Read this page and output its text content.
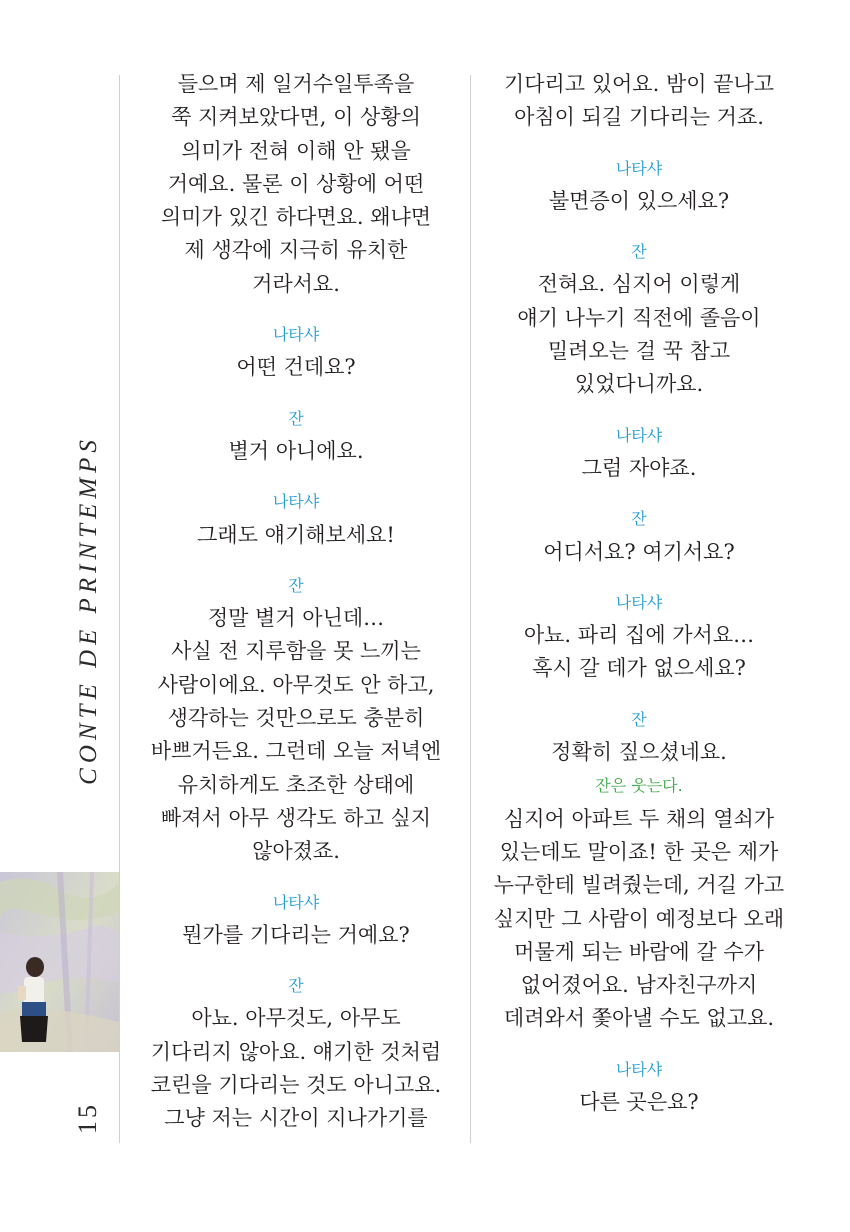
CONTE DE PRINTEMPS
15
들으며 제 일거수일투족을
쭉 지켜보았다면, 이 상황의
의미가 전혀 이해 안 됐을
거예요. 물론 이 상황에 어떤
의미가 있긴 하다면요. 왜냐면
제 생각에 지극히 유치한
거라서요.
나타샤
어떤 건데요?
잔
별거 아니에요.
나타샤
그래도 얘기해보세요!
잔
정말 별거 아닌데…
사실 전 지루함을 못 느끼는
사람이에요. 아무것도 안 하고,
생각하는 것만으로도 충분히
바쁘거든요. 그런데 오늘 저녁엔
유치하게도 초조한 상태에
빠져서 아무 생각도 하고 싶지
않아졌죠.
나타샤
뭔가를 기다리는 거예요?
잔
아뇨. 아무것도, 아무도
기다리지 않아요. 얘기한 것처럼
코린을 기다리는 것도 아니고요.
그냥 저는 시간이 지나가기를
기다리고 있어요. 밤이 끝나고
아침이 되길 기다리는 거죠.
나타샤
불면증이 있으세요?
잔
전혀요. 심지어 이렇게
얘기 나누기 직전에 졸음이
밀려오는 걸 꾹 참고
있었다니까요.
나타샤
그럼 자야죠.
잔
어디서요? 여기서요?
나타샤
아뇨. 파리 집에 가서요…
혹시 갈 데가 없으세요?
잔
정확히 짚으셨네요.
잔은 웃는다.
심지어 아파트 두 채의 열쇠가
있는데도 말이죠! 한 곳은 제가
누구한테 빌려줬는데, 거길 가고
싶지만 그 사람이 예정보다 오래
머물게 되는 바람에 갈 수가
없어졌어요. 남자친구까지
데려와서 쫓아낼 수도 없고요.
나타샤
다른 곳은요?
